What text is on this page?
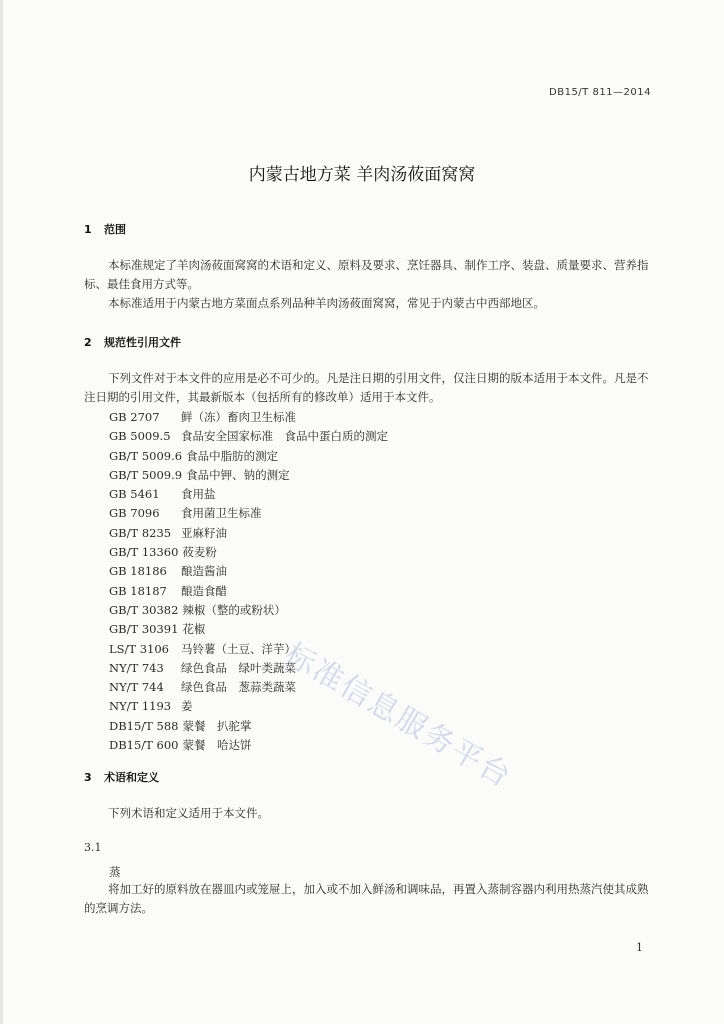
DB15/T 811—2014
内蒙古地方菜 羊肉汤莜面窝窝
1 范围
本标准规定了羊肉汤莜面窝窝的术语和定义、原料及要求、烹饪器具、制作工序、装盘、质量要求、营养指标、最佳食用方式等。
本标准适用于内蒙古地方菜面点系列品种羊肉汤莜面窝窝，常见于内蒙古中西部地区。
2 规范性引用文件
下列文件对于本文件的应用是必不可少的。凡是注日期的引用文件，仅注日期的版本适用于本文件。凡是不注日期的引用文件，其最新版本（包括所有的修改单）适用于本文件。
GB 2707 鲜（冻）畜肉卫生标准
GB 5009.5 食品安全国家标准　食品中蛋白质的测定
GB/T 5009.6 食品中脂肪的测定
GB/T 5009.9 食品中钾、钠的测定
GB 5461 食用盐
GB 7096 食用菌卫生标准
GB/T 8235 亚麻籽油
GB/T 13360 莜麦粉
GB 18186 酿造酱油
GB 18187 酿造食醋
GB/T 30382 辣椒（整的或粉状）
GB/T 30391 花椒
LS/T 3106 马铃薯（土豆、洋芋）
NY/T 743 绿色食品　绿叶类蔬菜
NY/T 744 绿色食品　葱蒜类蔬菜
NY/T 1193 姜
DB15/T 588 蒙餐　扒驼掌
DB15/T 600 蒙餐　哈达饼
3 术语和定义
下列术语和定义适用于本文件。
3.1
蒸
将加工好的原料放在器皿内或笼屉上，加入或不加入鲜汤和调味品，再置入蒸制容器内利用热蒸汽使其成熟的烹调方法。
1
标准信息服务平台
